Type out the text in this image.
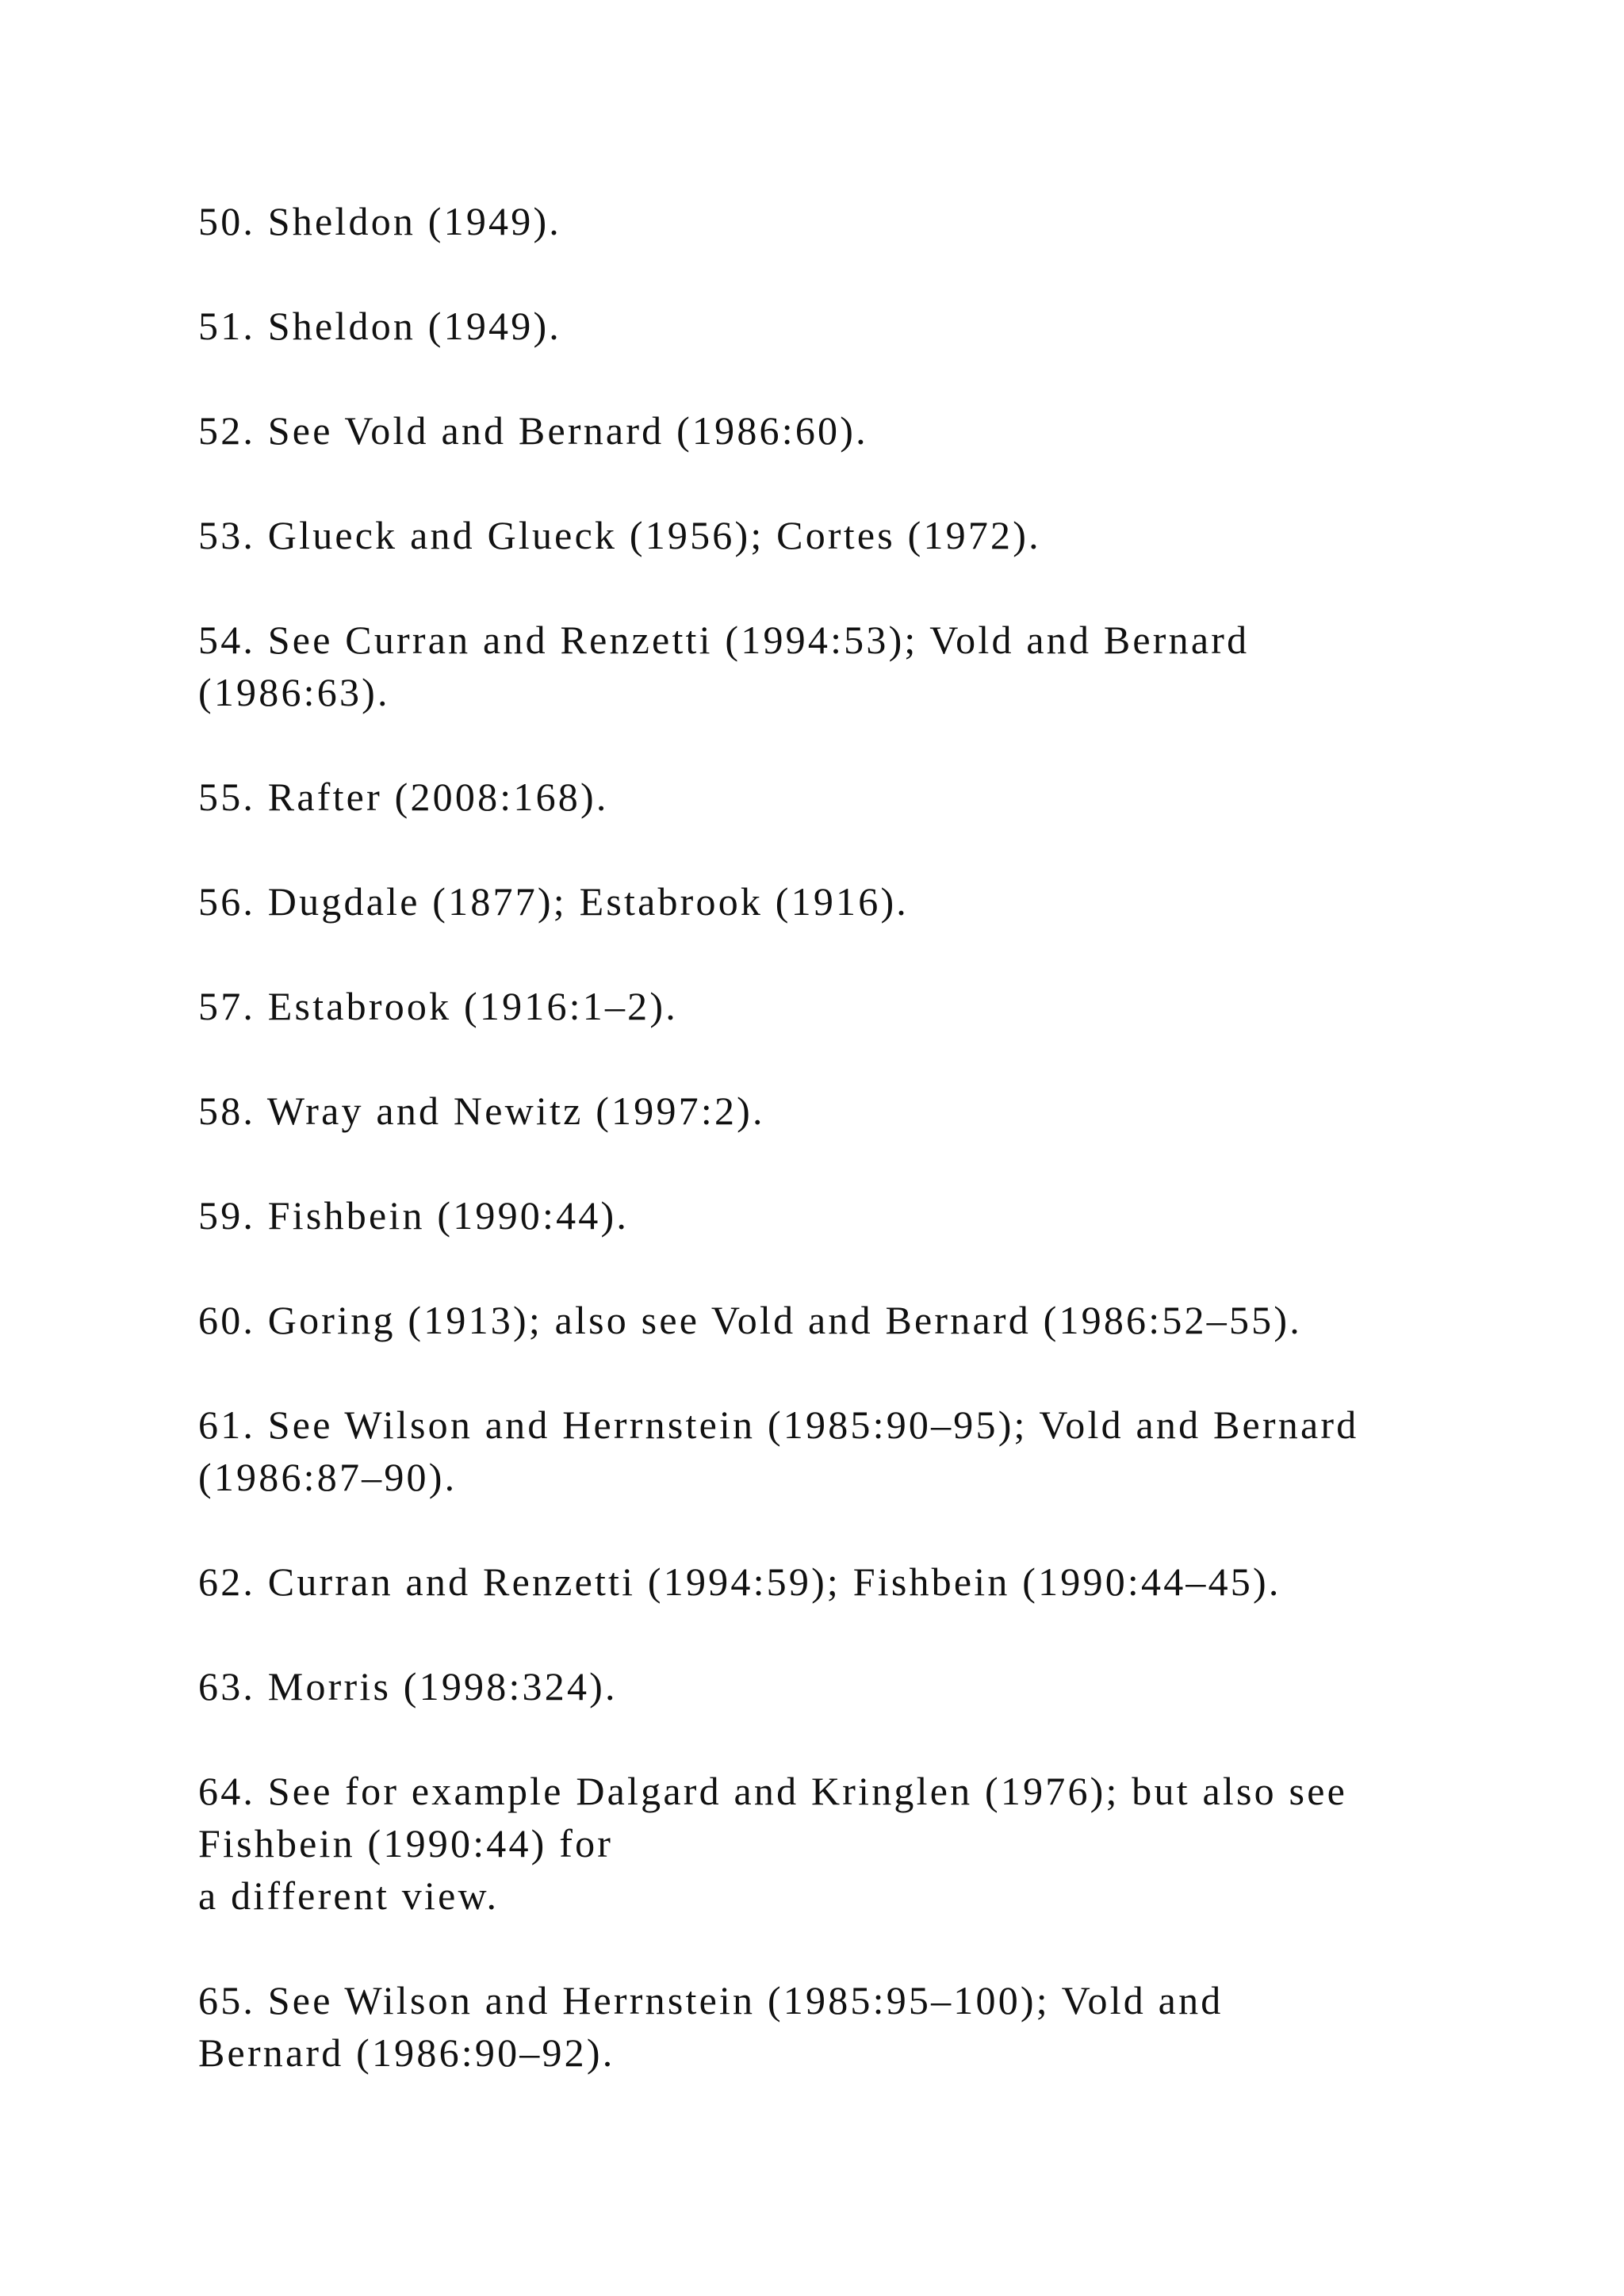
50. Sheldon (1949).
51. Sheldon (1949).
52. See Vold and Bernard (1986:60).
53. Glueck and Glueck (1956); Cortes (1972).
54. See Curran and Renzetti (1994:53); Vold and Bernard
(1986:63).
55. Rafter (2008:168).
56. Dugdale (1877); Estabrook (1916).
57. Estabrook (1916:1–2).
58. Wray and Newitz (1997:2).
59. Fishbein (1990:44).
60. Goring (1913); also see Vold and Bernard (1986:52–55).
61. See Wilson and Herrnstein (1985:90–95); Vold and Bernard
(1986:87–90).
62. Curran and Renzetti (1994:59); Fishbein (1990:44–45).
63. Morris (1998:324).
64. See for example Dalgard and Kringlen (1976); but also see
Fishbein (1990:44) for
a different view.
65. See Wilson and Herrnstein (1985:95–100); Vold and
Bernard (1986:90–92).
